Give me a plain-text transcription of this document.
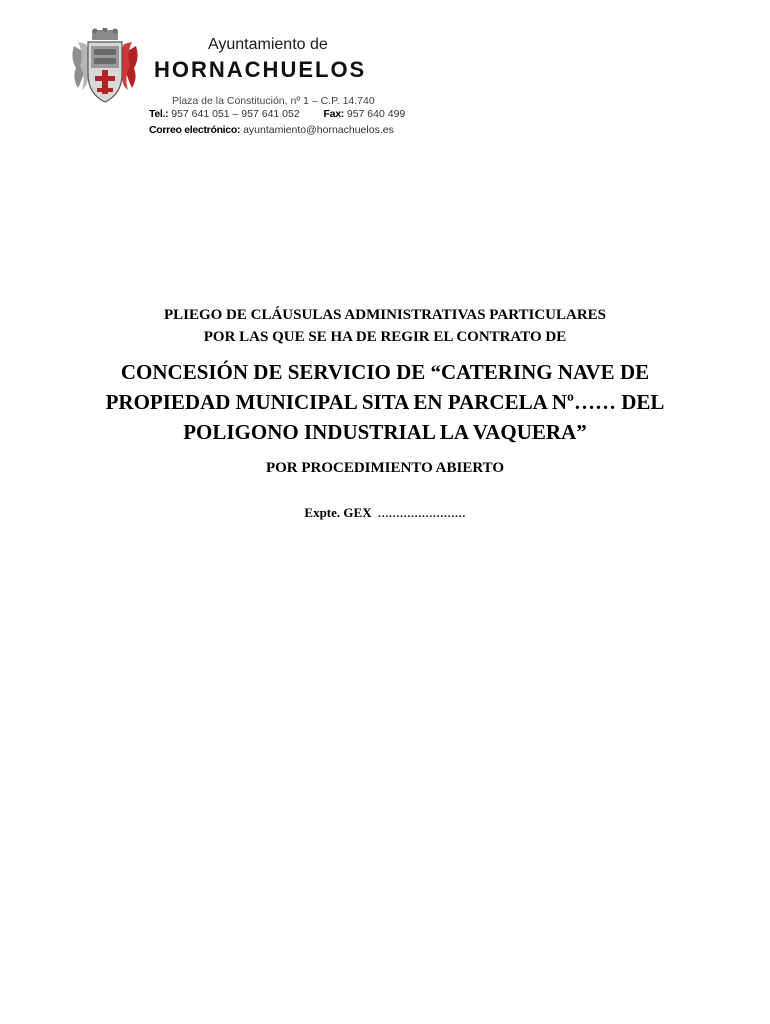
Ayuntamiento de
HORNACHUELOS
Plaza de la Constitución, nº 1 – C.P. 14.740
Tel.: 957 641 051 – 957 641 052 Fax: 957 640 499
Correo electrónico: ayuntamiento@hornachuelos.es
PLIEGO DE CLÁUSULAS ADMINISTRATIVAS PARTICULARES
POR LAS QUE SE HA DE REGIR EL CONTRATO DE
CONCESIÓN DE SERVICIO DE “CATERING NAVE DE
PROPIEDAD MUNICIPAL SITA EN PARCELA Nº…… DEL
POLIGONO INDUSTRIAL LA VAQUERA”
POR PROCEDIMIENTO ABIERTO
Expte. GEX ……………………
